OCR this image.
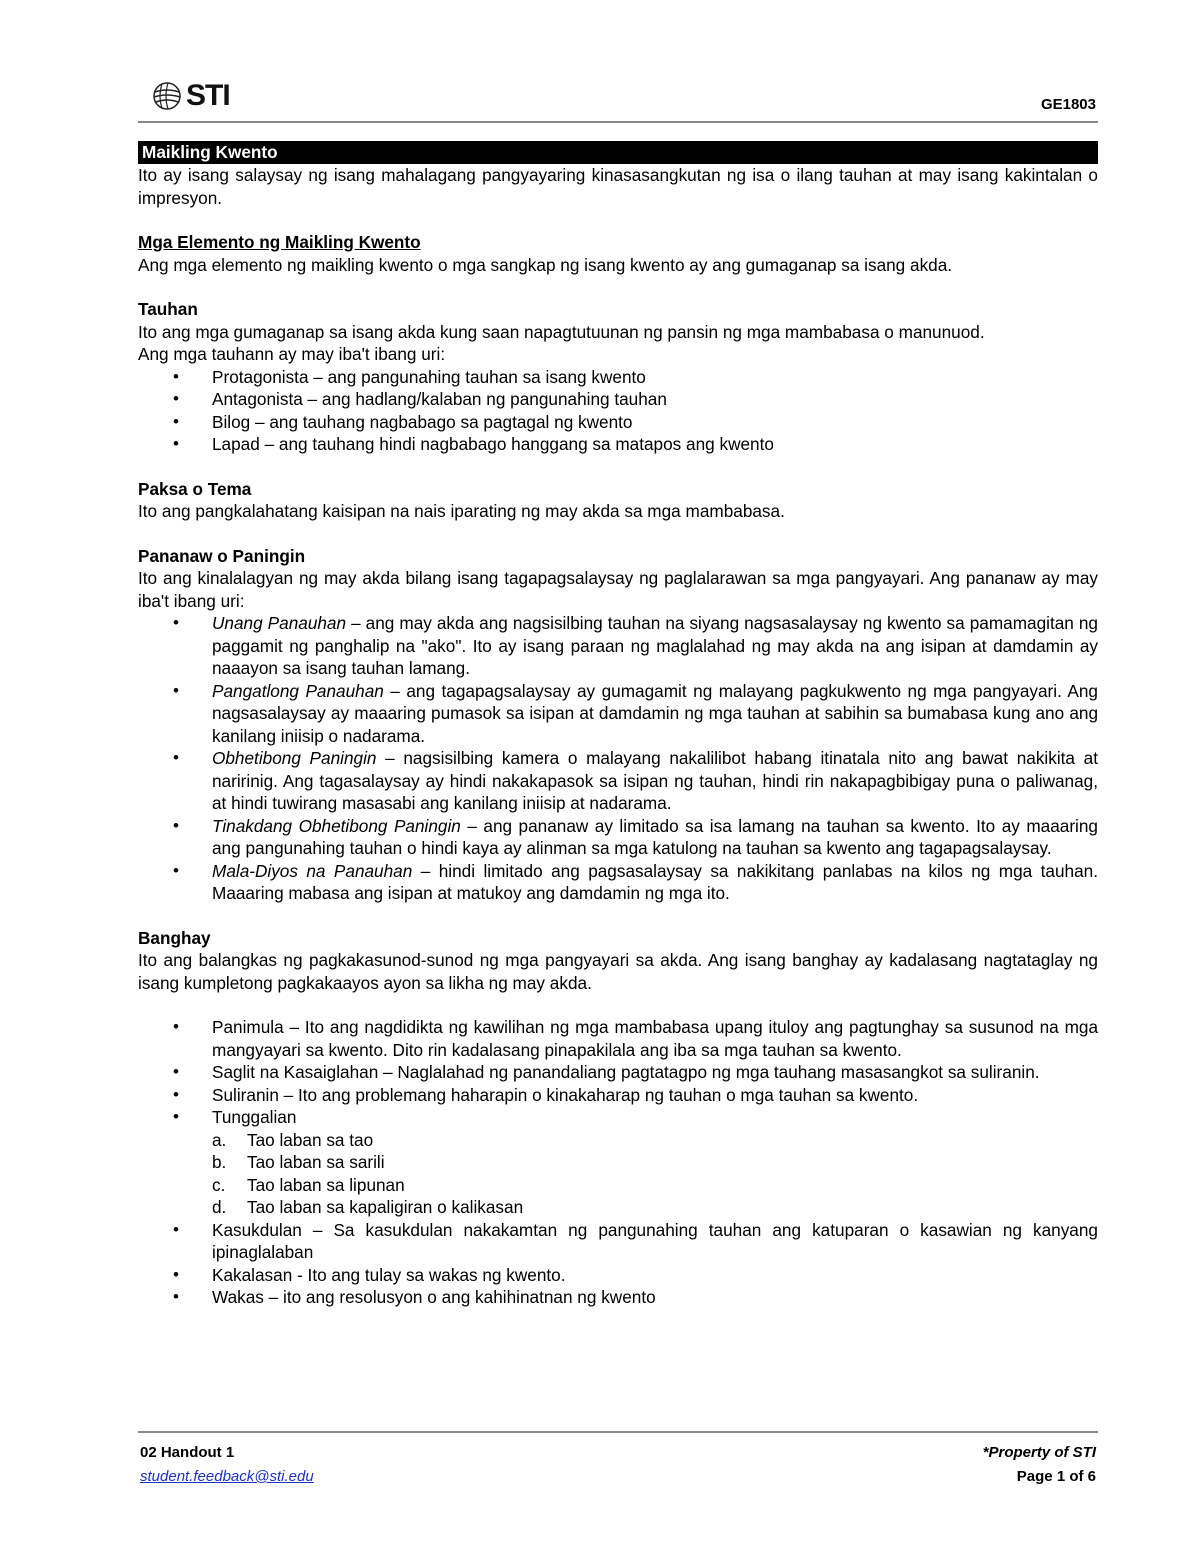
STI	GE1803
Maikling Kwento

Ito ay isang salaysay ng isang mahalagang pangyayaring kinasasangkutan ng isa o ilang tauhan at may isang kakintalan o impresyon.

Mga Elemento ng Maikling Kwento

Ang mga elemento ng maikling kwento o mga sangkap ng isang kwento ay ang gumaganap sa isang akda.

Tauhan

Ito ang mga gumaganap sa isang akda kung saan napagtutuunan ng pansin ng mga mambabasa o manunuod.

Ang mga tauhann ay may iba't ibang uri:

• Protagonista – ang pangunahing tauhan sa isang kwento
• Antagonista – ang hadlang/kalaban ng pangunahing tauhan
• Bilog – ang tauhang nagbabago sa pagtagal ng kwento
• Lapad – ang tauhang hindi nagbabago hanggang sa matapos ang kwento
Paksa o Tema

Ito ang pangkalahatang kaisipan na nais iparating ng may akda sa mga mambabasa.

Pananaw o Paningin

Ito ang kinalalagyan ng may akda bilang isang tagapagsalaysay ng paglalarawan sa mga pangyayari. Ang pananaw ay may iba't ibang uri:

• Unang Panauhan – ang may akda ang nagsisilbing tauhan na siyang nagsasalaysay ng kwento sa pamamagitan ng paggamit ng panghalip na "ako". Ito ay isang paraan ng maglalahad ng may akda na ang isipan at damdamin ay naaayon sa isang tauhan lamang.
• Pangatlong Panauhan – ang tagapagsalaysay ay gumagamit ng malayang pagkukwento ng mga pangyayari. Ang nagsasalaysay ay maaaring pumasok sa isipan at damdamin ng mga tauhan at sabihin sa bumabasa kung ano ang kanilang iniisip o nadarama.
• Obhetibong Paningin – nagsisilbing kamera o malayang nakalilibot habang itinatala nito ang bawat nakikita at naririnig. Ang tagasalaysay ay hindi nakakapasok sa isipan ng tauhan, hindi rin nakapagbibigay puna o paliwanag, at hindi tuwirang masasabi ang kanilang iniisip at nadarama.
• Tinakdang Obhetibong Paningin – ang pananaw ay limitado sa isa lamang na tauhan sa kwento. Ito ay maaaring ang pangunahing tauhan o hindi kaya ay alinman sa mga katulong na tauhan sa kwento ang tagapagsalaysay.
• Mala-Diyos na Panauhan – hindi limitado ang pagsasalaysay sa nakikitang panlabas na kilos ng mga tauhan. Maaaring mabasa ang isipan at matukoy ang damdamin ng mga ito.
Banghay

Ito ang balangkas ng pagkakasunod-sunod ng mga pangyayari sa akda. Ang isang banghay ay kadalasang nagtataglay ng isang kumpletong pagkakaayos ayon sa likha ng may akda.

• Panimula – Ito ang nagdidikta ng kawilihan ng mga mambabasa upang ituloy ang pagtunghay sa susunod na mga mangyayari sa kwento. Dito rin kadalasang pinapakilala ang iba sa mga tauhan sa kwento.
• Saglit na Kasaiglahan – Naglalahad ng panandaliang pagtatagpo ng mga tauhang masasangkot sa suliranin.
• Suliranin – Ito ang problemang haharapin o kinakaharap ng tauhan o mga tauhan sa kwento.
• Tunggalian
a. Tao laban sa tao
b. Tao laban sa sarili
c. Tao laban sa lipunan
d. Tao laban sa kapaligiran o kalikasan
• Kasukdulan – Sa kasukdulan nakakamtan ng pangunahing tauhan ang katuparan o kasawian ng kanyang ipinaglalaban
• Kakalasan - Ito ang tulay sa wakas ng kwento.
• Wakas – ito ang resolusyon o ang kahihinatnan ng kwento
02 Handout 1
student.feedback@sti.edu
*Property of STI
Page 1 of 6
